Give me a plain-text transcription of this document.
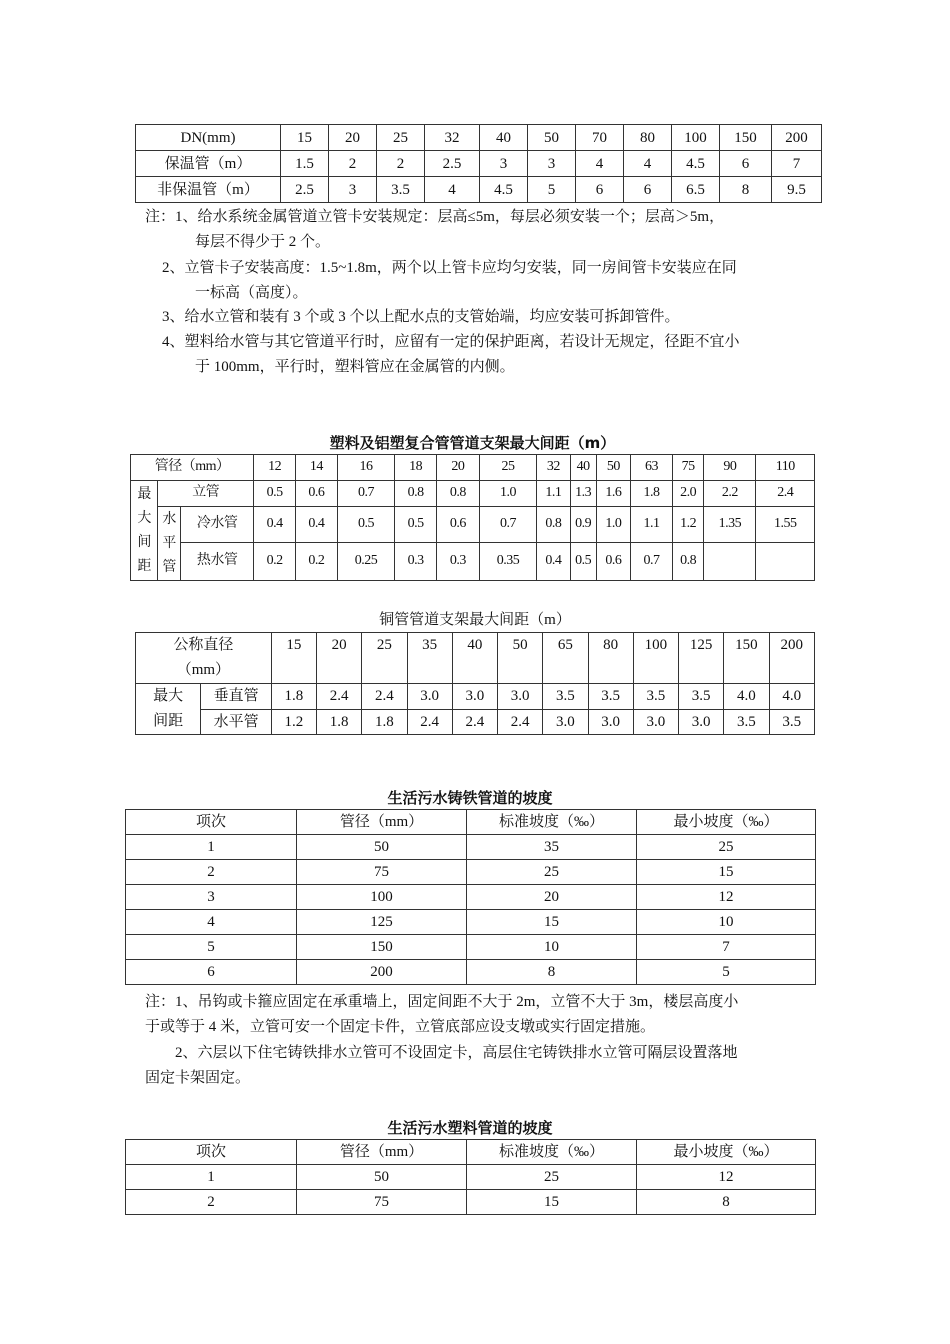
DN(mm)	15	20	25	32	40	50	70	80	100	150	200
保温管（m）	1.5	2	2	2.5	3	3	4	4	4.5	6	7
非保温管（m）	2.5	3	3.5	4	4.5	5	6	6	6.5	8	9.5
注：1、给水系统金属管道立管卡安装规定：层高≤5m，每层必须安装一个；层高＞5m，
每层不得少于 2 个。
2、立管卡子安装高度：1.5~1.8m，两个以上管卡应均匀安装，同一房间管卡安装应在同
一标高（高度）。
3、给水立管和装有 3 个或 3 个以上配水点的支管始端，均应安装可拆卸管件。
4、塑料给水管与其它管道平行时，应留有一定的保护距离，若设计无规定，径距不宜小
于 100mm，平行时，塑料管应在金属管的内侧。
塑料及铝塑复合管管道支架最大间距（m）
管径（mm）			12	14	16	18	20	25	32	40	50	63	75	90	110
最大间距	立管		0.5	0.6	0.7	0.8	0.8	1.0	1.1	1.3	1.6	1.8	2.0	2.2	2.4
	水平管	冷水管	0.4	0.4	0.5	0.5	0.6	0.7	0.8	0.9	1.0	1.1	1.2	1.35	1.55
		热水管	0.2	0.2	0.25	0.3	0.3	0.35	0.4	0.5	0.6	0.7	0.8		
铜管管道支架最大间距（m）
公称直径
（mm）		15	20	25	35	40	50	65	80	100	125	150	200

最大
间距	垂直管	1.8	2.4	2.4	3.0	3.0	3.0	3.5	3.5	3.5	3.5	4.0	4.0
	水平管	1.2	1.8	1.8	2.4	2.4	2.4	3.0	3.0	3.0	3.0	3.5	3.5
生活污水铸铁管道的坡度
项次	管径（mm）	标准坡度（‰）	最小坡度（‰）
1	50	35	25
2	75	25	15
3	100	20	12
4	125	15	10
5	150	10	7
6	200	8	5
注：1、吊钩或卡箍应固定在承重墙上，固定间距不大于 2m，立管不大于 3m，楼层高度小
于或等于 4 米，立管可安一个固定卡件，立管底部应设支墩或实行固定措施。
2、六层以下住宅铸铁排水立管可不设固定卡，高层住宅铸铁排水立管可隔层设置落地
固定卡架固定。
生活污水塑料管道的坡度
项次	管径（mm）	标准坡度（‰）	最小坡度（‰）
1	50	25	12
2	75	15	8
